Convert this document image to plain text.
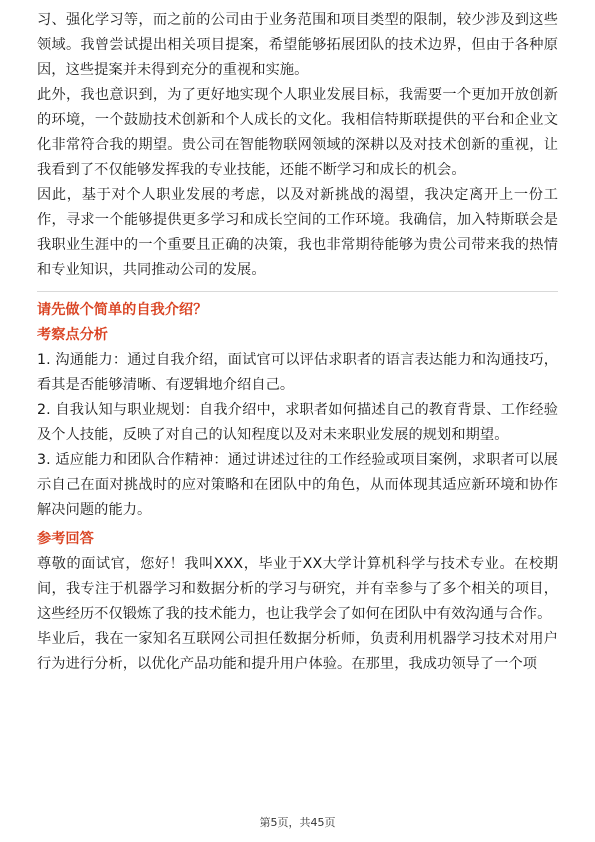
习、强化学习等，而之前的公司由于业务范围和项目类型的限制，较少涉及到这些领域。我曾尝试提出相关项目提案，希望能够拓展团队的技术边界，但由于各种原因，这些提案并未得到充分的重视和实施。

此外，我也意识到，为了更好地实现个人职业发展目标，我需要一个更加开放创新的环境，一个鼓励技术创新和个人成长的文化。我相信特斯联提供的平台和企业文化非常符合我的期望。贵公司在智能物联网领域的深耕以及对技术创新的重视，让我看到了不仅能够发挥我的专业技能，还能不断学习和成长的机会。

因此，基于对个人职业发展的考虑，以及对新挑战的渴望，我决定离开上一份工作，寻求一个能够提供更多学习和成长空间的工作环境。我确信，加入特斯联会是我职业生涯中的一个重要且正确的决策，我也非常期待能够为贵公司带来我的热情和专业知识，共同推动公司的发展。

请先做个简单的自我介绍？

考察点分析

1. 沟通能力：通过自我介绍，面试官可以评估求职者的语言表达能力和沟通技巧，看其是否能够清晰、有逻辑地介绍自己。

2. 自我认知与职业规划：自我介绍中，求职者如何描述自己的教育背景、工作经验及个人技能，反映了对自己的认知程度以及对未来职业发展的规划和期望。

3. 适应能力和团队合作精神：通过讲述过往的工作经验或项目案例，求职者可以展示自己在面对挑战时的应对策略和在团队中的角色，从而体现其适应新环境和协作解决问题的能力。

参考回答

尊敬的面试官，您好！我叫XXX，毕业于XX大学计算机科学与技术专业。在校期间，我专注于机器学习和数据分析的学习与研究，并有幸参与了多个相关的项目，这些经历不仅锻炼了我的技术能力，也让我学会了如何在团队中有效沟通与合作。

毕业后，我在一家知名互联网公司担任数据分析师，负责利用机器学习技术对用户行为进行分析，以优化产品功能和提升用户体验。在那里，我成功领导了一个项

第5页，共45页
